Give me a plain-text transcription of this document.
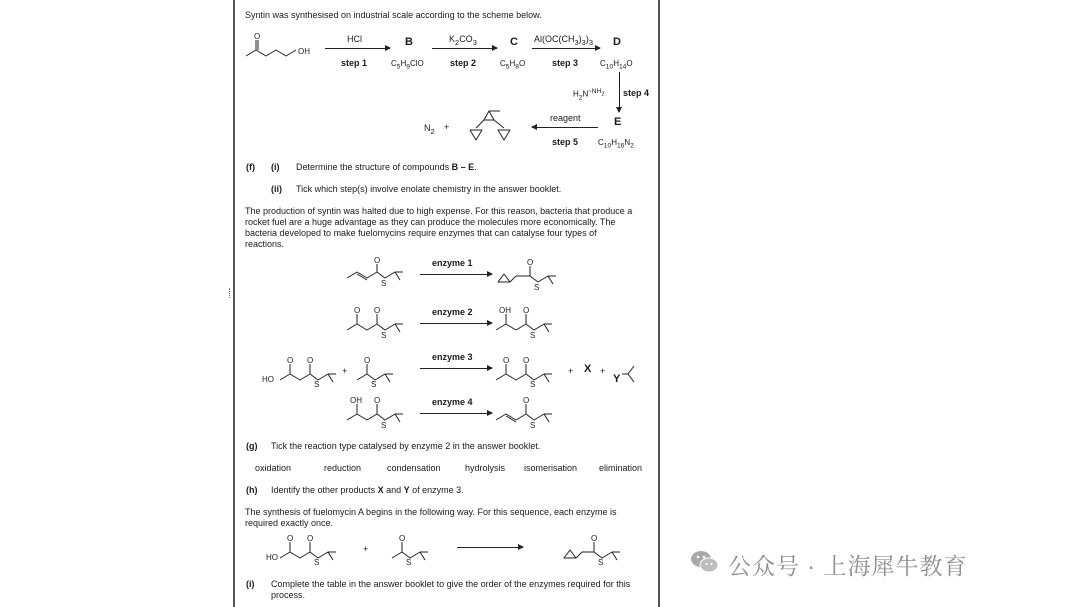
Syntin was synthesised on industrial scale according to the scheme below.
O
OH
HCl
step 1
B
$C_5H_9ClO$
$K_2CO_3$
step 2
C
$C_5H_8O$
$Al(OC(CH_3)_3)_3$
step 3
D
$C_{10}H_{14}O$
$H_2N^{\sim NH_2}$ step 4
E
$C_{10}H_{16}N_2$
reagent
step 5
$N_2$ +
(f) (i) Determine the structure of compounds B – E.
(ii) Tick which step(s) involve enolate chemistry in the answer booklet.
The production of syntin was halted due to high expense. For this reason, bacteria that produce a rocket fuel are a huge advantage as they can produce the molecules more economically. The bacteria developed to make fuelomycins require enzymes that can catalyse four types of reactions.
O
S
enzyme 1	O
S
O O
S
enzyme 2	OH O
S
HO
O O
S
+
O
S
enzyme 3	O O
S
+ X +
Y
OH O
S
enzyme 4	O
S
(g) Tick the reaction type catalysed by enzyme 2 in the answer booklet.
oxidation	reduction	condensation	hydrolysis isomerisation elimination
(h) Identify the other products X and Y of enzyme 3.
The synthesis of fuelomycin A begins in the following way. For this sequence, each enzyme is required exactly once.
HO
O O
S
+
O
S
O
S
(i) Complete the table in the answer booklet to give the order of the enzymes required for this process.
公众号 · 上海犀牛教育
